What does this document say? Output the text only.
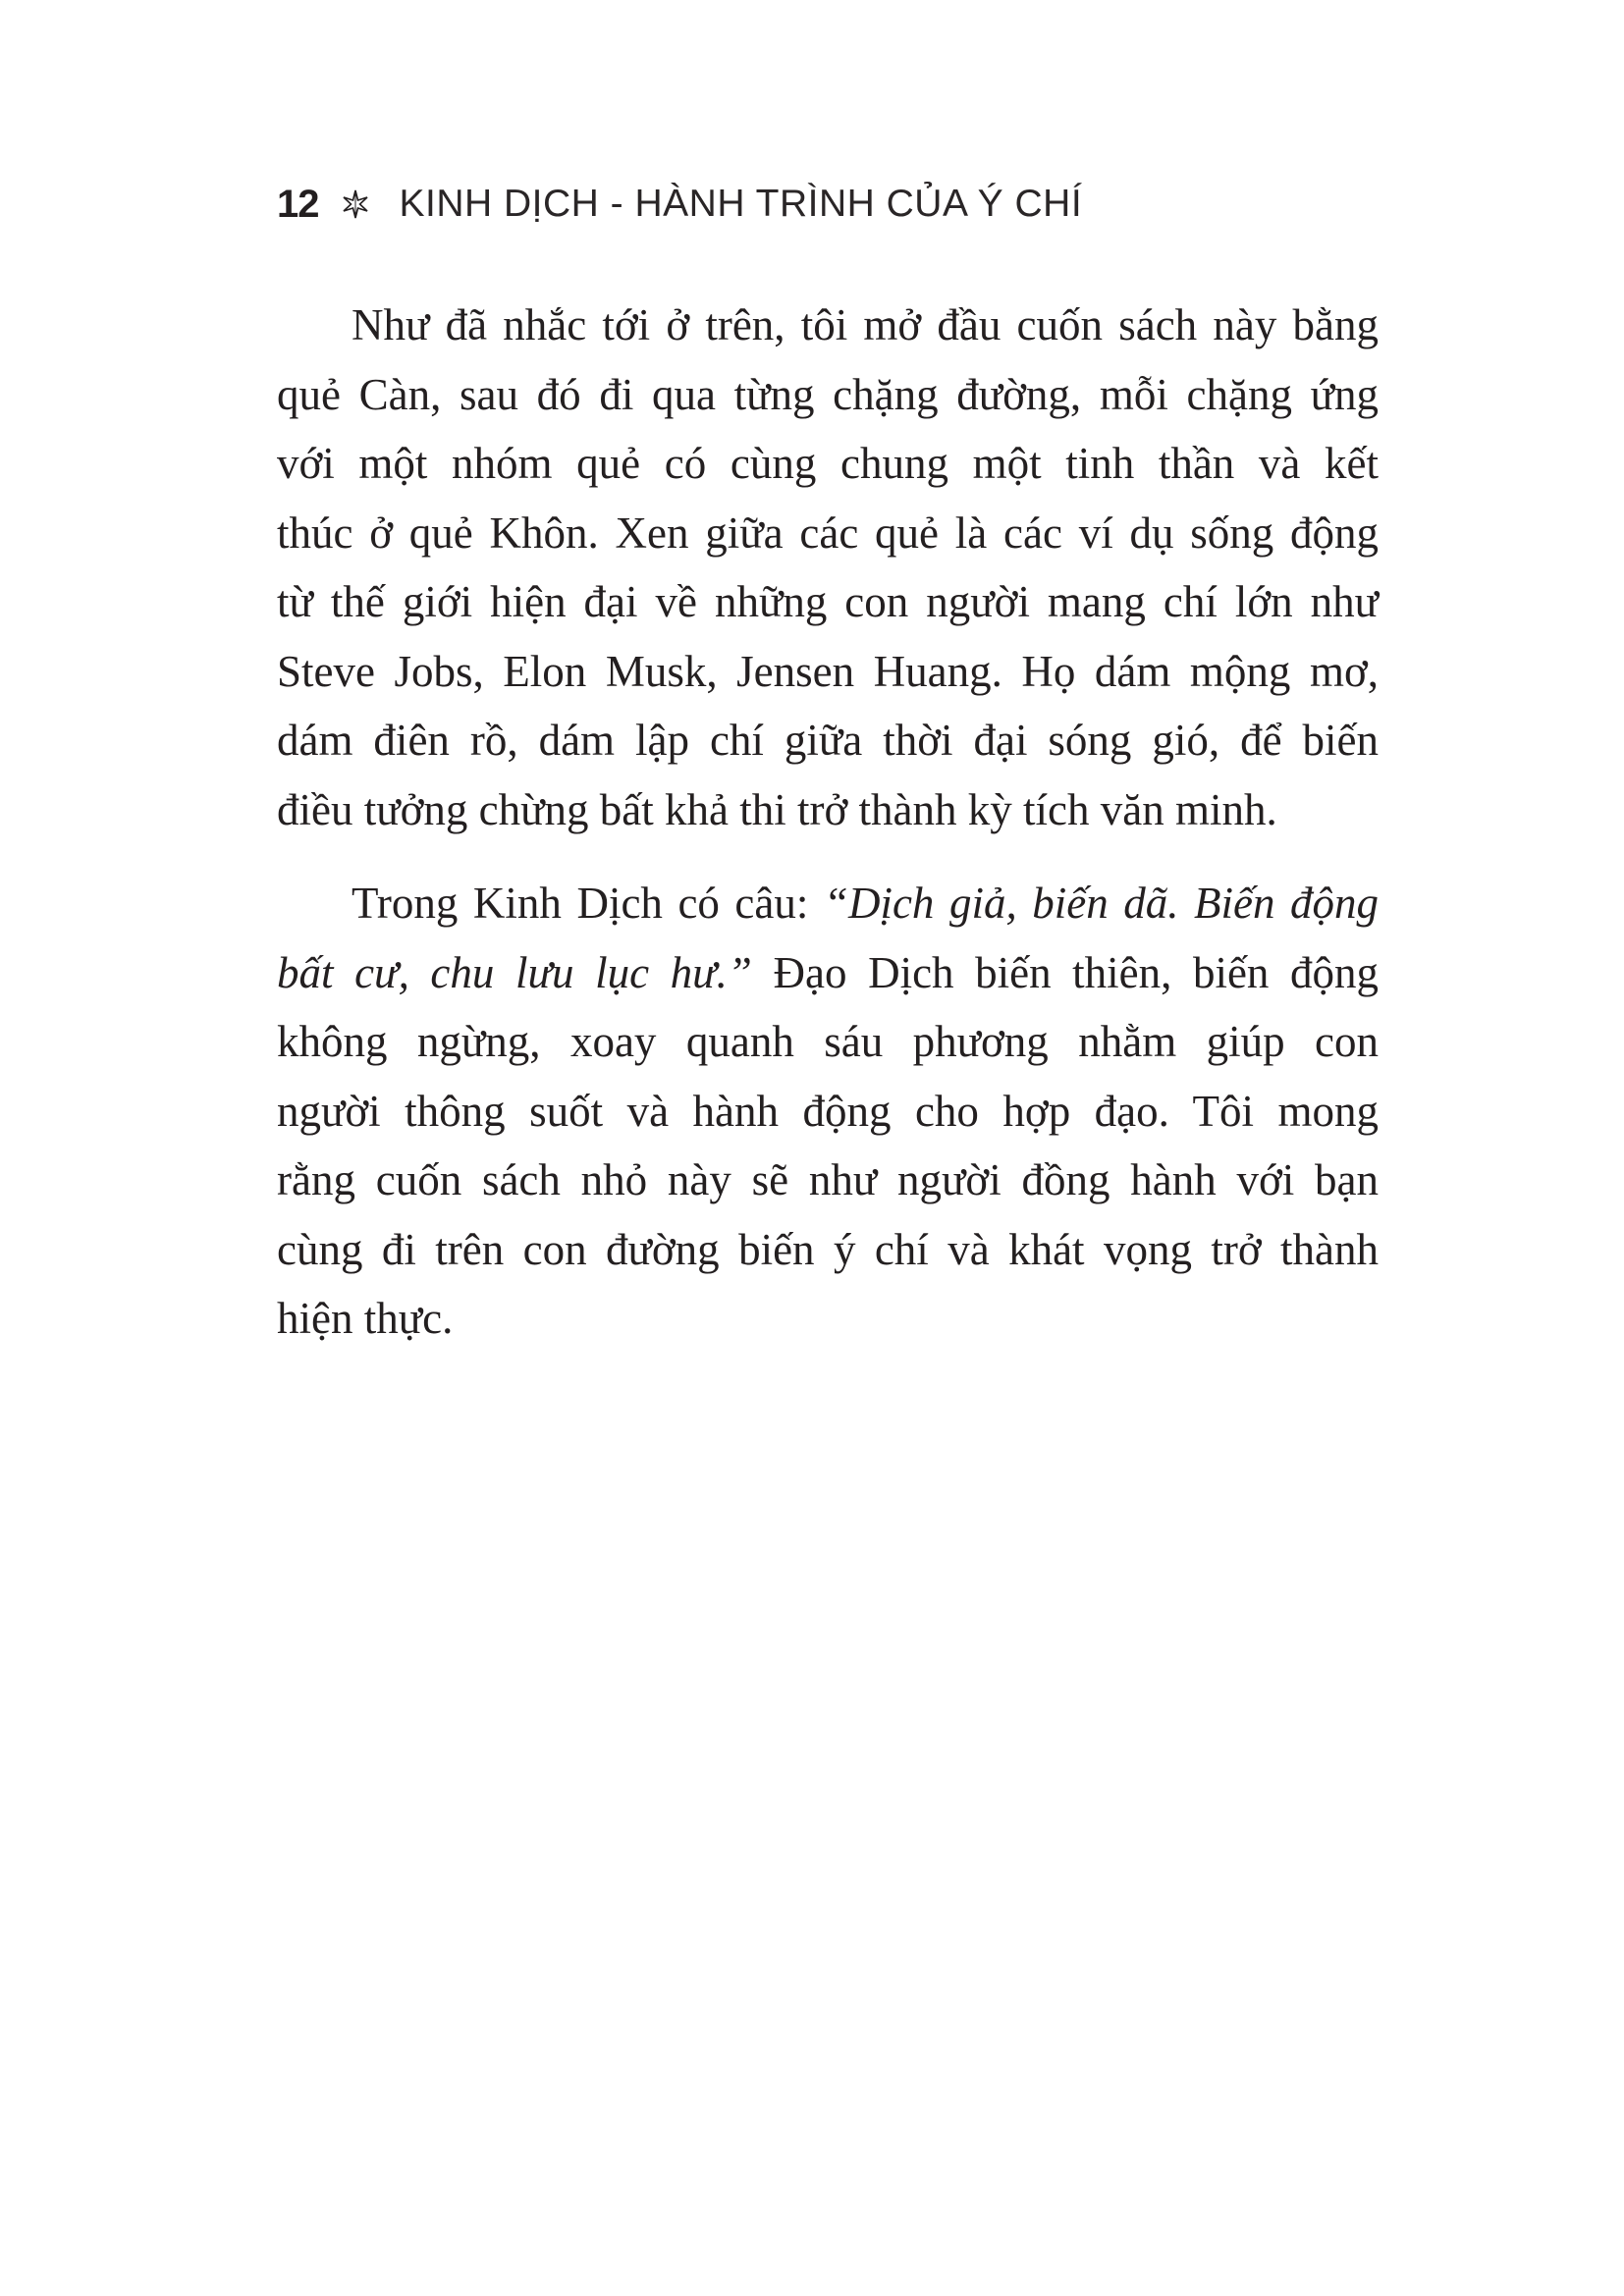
12 KINH DỊCH - HÀNH TRÌNH CỦA Ý CHÍ
Như đã nhắc tới ở trên, tôi mở đầu cuốn sách này bằng
quẻ Càn, sau đó đi qua từng chặng đường, mỗi chặng ứng
với một nhóm quẻ có cùng chung một tinh thần và kết
thúc ở quẻ Khôn. Xen giữa các quẻ là các ví dụ sống động
từ thế giới hiện đại về những con người mang chí lớn như
Steve Jobs, Elon Musk, Jensen Huang. Họ dám mộng mơ,
dám điên rồ, dám lập chí giữa thời đại sóng gió, để biến
điều tưởng chừng bất khả thi trở thành kỳ tích văn minh.
Trong Kinh Dịch có câu: “Dịch giả, biến dã. Biến động
bất cư, chu lưu lục hư.” Đạo Dịch biến thiên, biến động
không ngừng, xoay quanh sáu phương nhằm giúp con
người thông suốt và hành động cho hợp đạo. Tôi mong
rằng cuốn sách nhỏ này sẽ như người đồng hành với bạn
cùng đi trên con đường biến ý chí và khát vọng trở thành
hiện thực.
